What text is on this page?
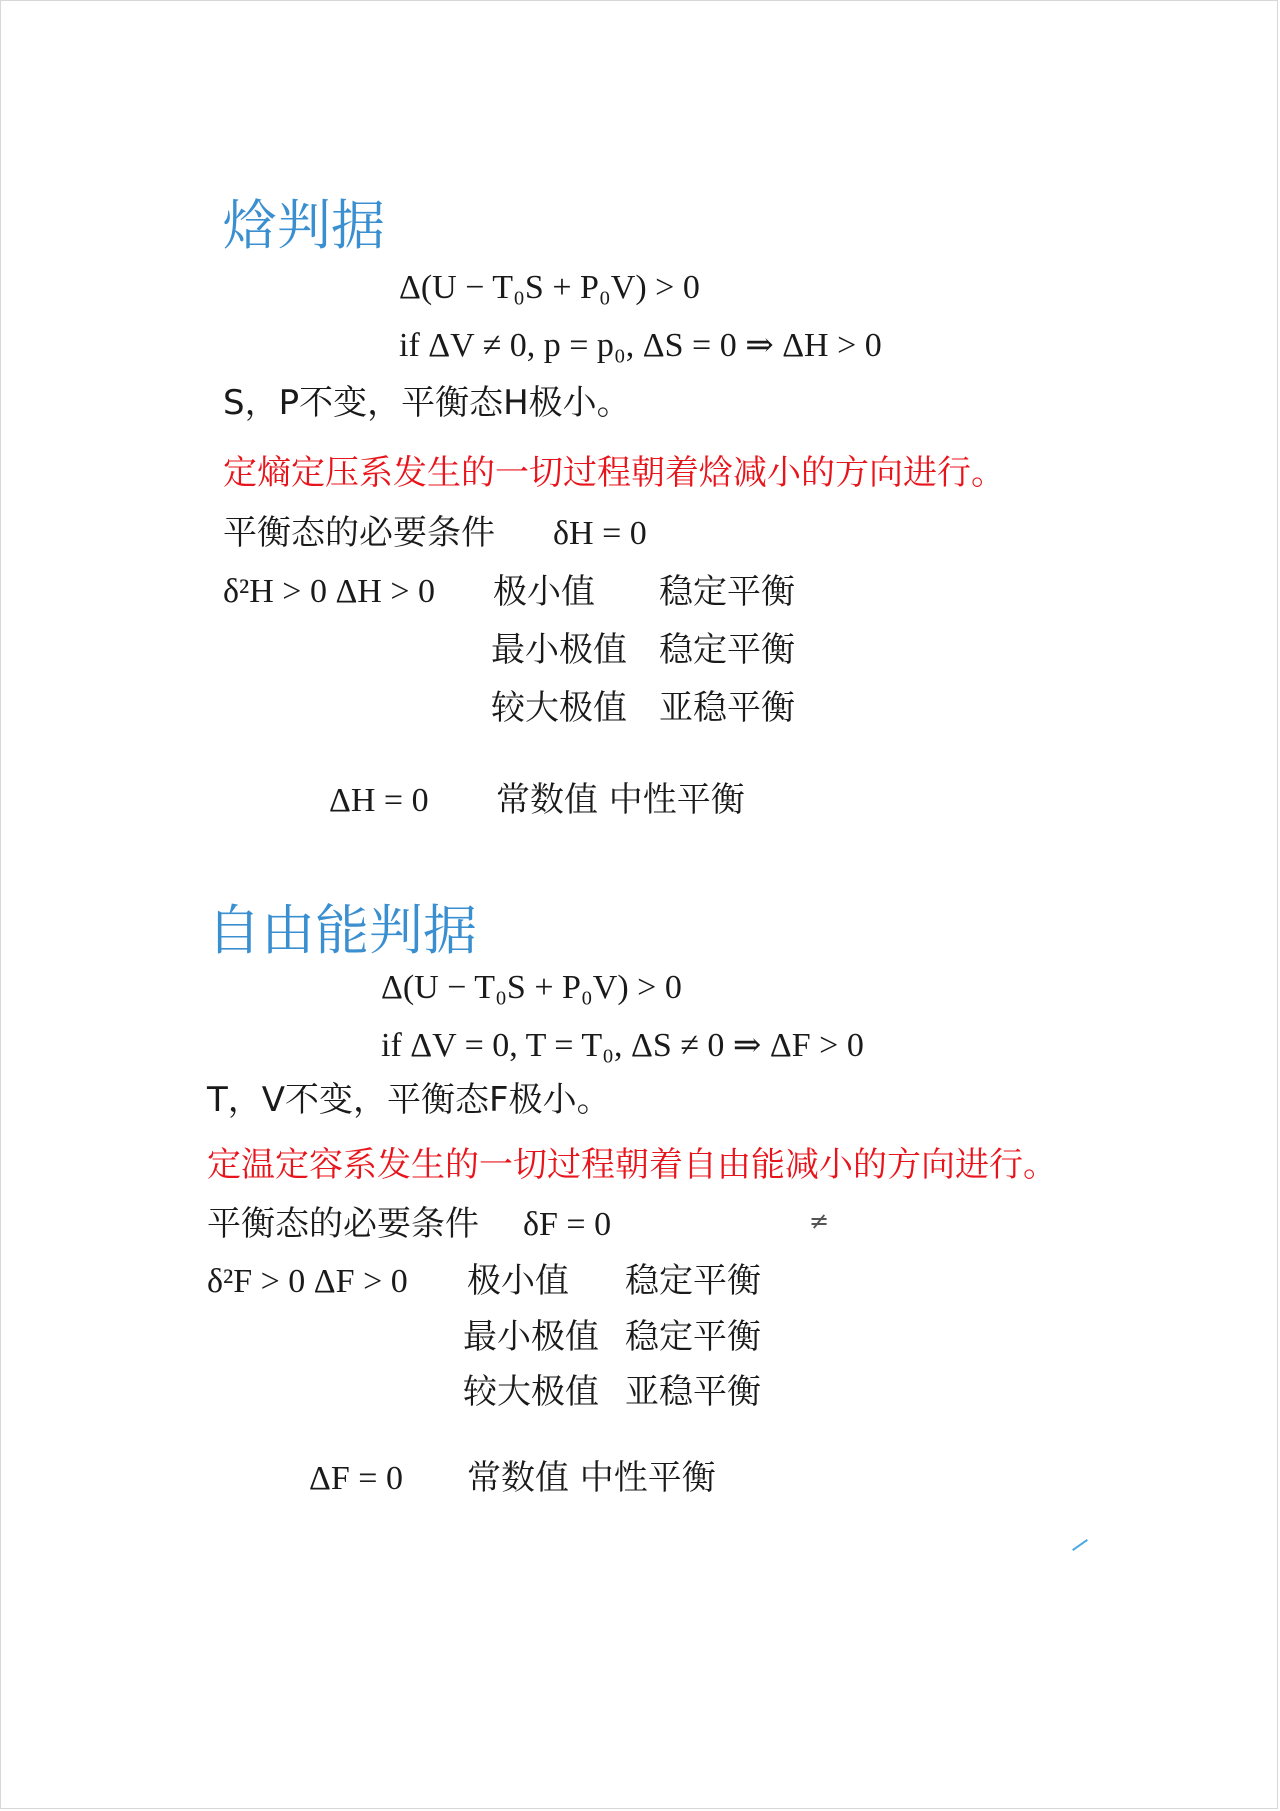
焓判据
Δ(U − T₀S + P₀V) > 0
if ΔV ≠ 0, p = p₀, ΔS = 0 ⇒ ΔH > 0
S，P不变，平衡态H极小。
定熵定压系发生的一切过程朝着焓减小的方向进行。
平衡态的必要条件 δH = 0
δ²H > 0 ΔH > 0 极小值 稳定平衡
最小极值 稳定平衡
较大极值 亚稳平衡
ΔH = 0 常数值 中性平衡
自由能判据
Δ(U − T₀S + P₀V) > 0
if ΔV = 0, T = T₀, ΔS ≠ 0 ⇒ ΔF > 0
T，V不变，平衡态F极小。
定温定容系发生的一切过程朝着自由能减小的方向进行。
平衡态的必要条件 δF = 0	≠
δ²F > 0 ΔF > 0 极小值 稳定平衡
最小极值 稳定平衡
较大极值 亚稳平衡
ΔF = 0 常数值 中性平衡
